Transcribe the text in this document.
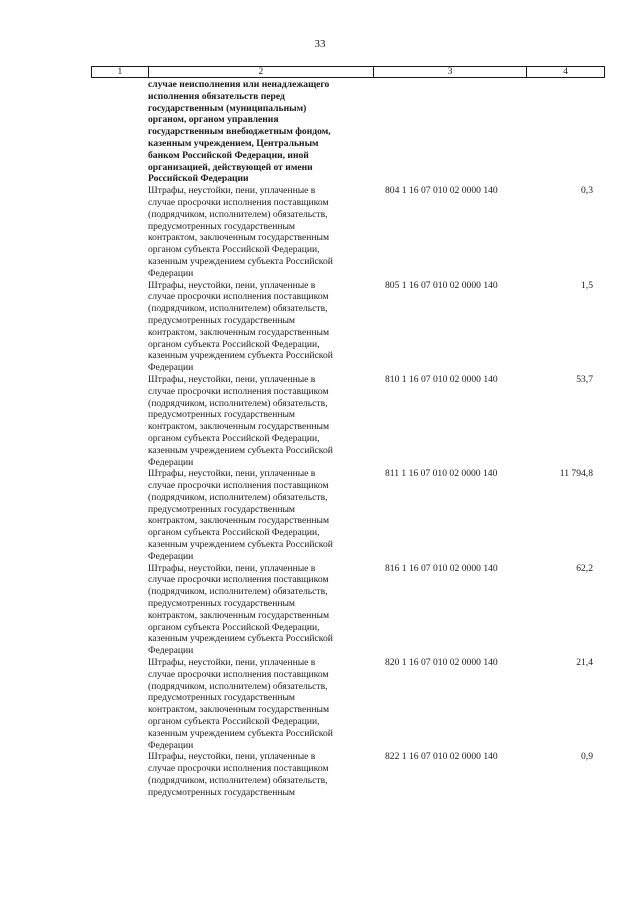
33
1	2	3	4
случае неисполнения или ненадлежащего
исполнения обязательств перед
государственным (муниципальным)
органом, органом управления
государственным внебюджетным фондом,
казенным учреждением, Центральным
банком Российской Федерации, иной
организацией, действующей от имени
Российской Федерации
Штрафы, неустойки, пени, уплаченные в
случае просрочки исполнения поставщиком
(подрядчиком, исполнителем) обязательств,
предусмотренных государственным
контрактом, заключенным государственным
органом субъекта Российской Федерации,
казенным учреждением субъекта Российской
Федерации
804 1 16 07 010 02 0000 140	0,3
Штрафы, неустойки, пени, уплаченные в
случае просрочки исполнения поставщиком
(подрядчиком, исполнителем) обязательств,
предусмотренных государственным
контрактом, заключенным государственным
органом субъекта Российской Федерации,
казенным учреждением субъекта Российской
Федерации
805 1 16 07 010 02 0000 140	1,5
Штрафы, неустойки, пени, уплаченные в
случае просрочки исполнения поставщиком
(подрядчиком, исполнителем) обязательств,
предусмотренных государственным
контрактом, заключенным государственным
органом субъекта Российской Федерации,
казенным учреждением субъекта Российской
Федерации
810 1 16 07 010 02 0000 140	53,7
Штрафы, неустойки, пени, уплаченные в
случае просрочки исполнения поставщиком
(подрядчиком, исполнителем) обязательств,
предусмотренных государственным
контрактом, заключенным государственным
органом субъекта Российской Федерации,
казенным учреждением субъекта Российской
Федерации
811 1 16 07 010 02 0000 140	11 794,8
Штрафы, неустойки, пени, уплаченные в
случае просрочки исполнения поставщиком
(подрядчиком, исполнителем) обязательств,
предусмотренных государственным
контрактом, заключенным государственным
органом субъекта Российской Федерации,
казенным учреждением субъекта Российской
Федерации
816 1 16 07 010 02 0000 140	62,2
Штрафы, неустойки, пени, уплаченные в
случае просрочки исполнения поставщиком
(подрядчиком, исполнителем) обязательств,
предусмотренных государственным
контрактом, заключенным государственным
органом субъекта Российской Федерации,
казенным учреждением субъекта Российской
Федерации
820 1 16 07 010 02 0000 140	21,4
Штрафы, неустойки, пени, уплаченные в
случае просрочки исполнения поставщиком
(подрядчиком, исполнителем) обязательств,
предусмотренных государственным
822 1 16 07 010 02 0000 140	0,9
